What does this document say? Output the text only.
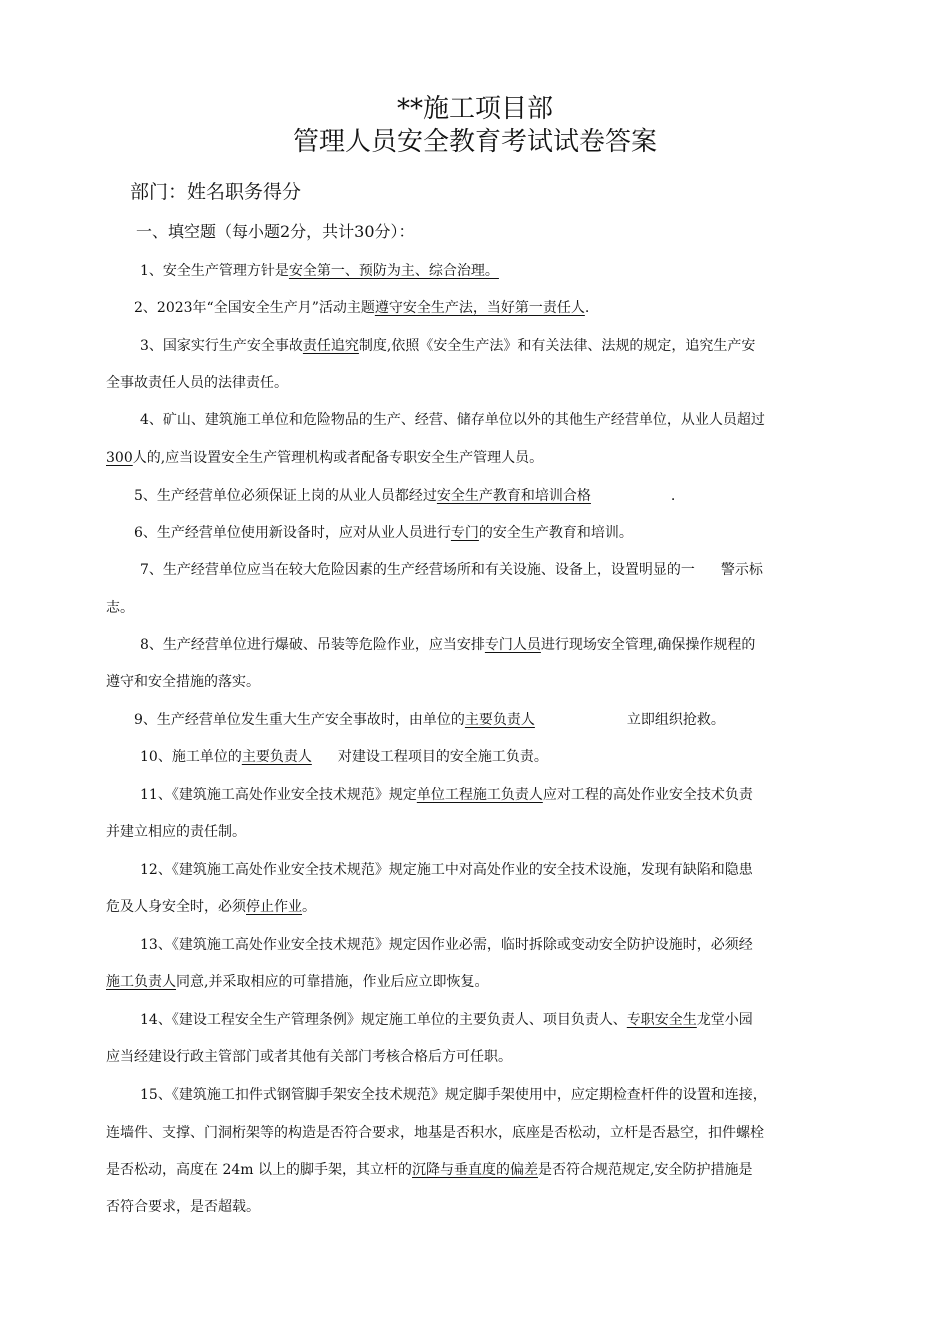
**施工项目部
管理人员安全教育考试试卷答案
部门：姓名职务得分
一、填空题（每小题2分，共计30分）：
1、安全生产管理方针是安全第一、预防为主、综合治理。
2、2023年“全国安全生产月”活动主题遵守安全生产法，当好第一责任人.
3、国家实行生产安全事故责任追究制度,依照《安全生产法》和有关法律、法规的规定，追究生产安
全事故责任人员的法律责任。
4、矿山、建筑施工单位和危险物品的生产、经营、储存单位以外的其他生产经营单位，从业人员超过
300人的,应当设置安全生产管理机构或者配备专职安全生产管理人员。
5、生产经营单位必须保证上岗的从业人员都经过安全生产教育和培训合格	.
6、生产经营单位使用新设备时，应对从业人员进行专门的安全生产教育和培训。
7、生产经营单位应当在较大危险因素的生产经营场所和有关设施、设备上，设置明显的一 警示标
志。
8、生产经营单位进行爆破、吊装等危险作业，应当安排专门人员进行现场安全管理,确保操作规程的
遵守和安全措施的落实。
9、生产经营单位发生重大生产安全事故时，由单位的主要负责人	立即组织抢救。
10、施工单位的主要负责人 对建设工程项目的安全施工负责。
11、《建筑施工高处作业安全技术规范》规定单位工程施工负责人应对工程的高处作业安全技术负责
并建立相应的责任制。
12、《建筑施工高处作业安全技术规范》规定施工中对高处作业的安全技术设施，发现有缺陷和隐患
危及人身安全时，必须停止作业。
13、《建筑施工高处作业安全技术规范》规定因作业必需，临时拆除或变动安全防护设施时，必须经
施工负责人同意,并采取相应的可靠措施，作业后应立即恢复。
14、《建设工程安全生产管理条例》规定施工单位的主要负责人、项目负责人、专职安全生龙堂小园
应当经建设行政主管部门或者其他有关部门考核合格后方可任职。
15、《建筑施工扣件式钢管脚手架安全技术规范》规定脚手架使用中，应定期检查杆件的设置和连接，
连墙件、支撑、门洞桁架等的构造是否符合要求，地基是否积水，底座是否松动，立杆是否悬空，扣件螺栓
是否松动，高度在 24m 以上的脚手架，其立杆的沉降与垂直度的偏差是否符合规范规定,安全防护措施是
否符合要求，是否超载。
